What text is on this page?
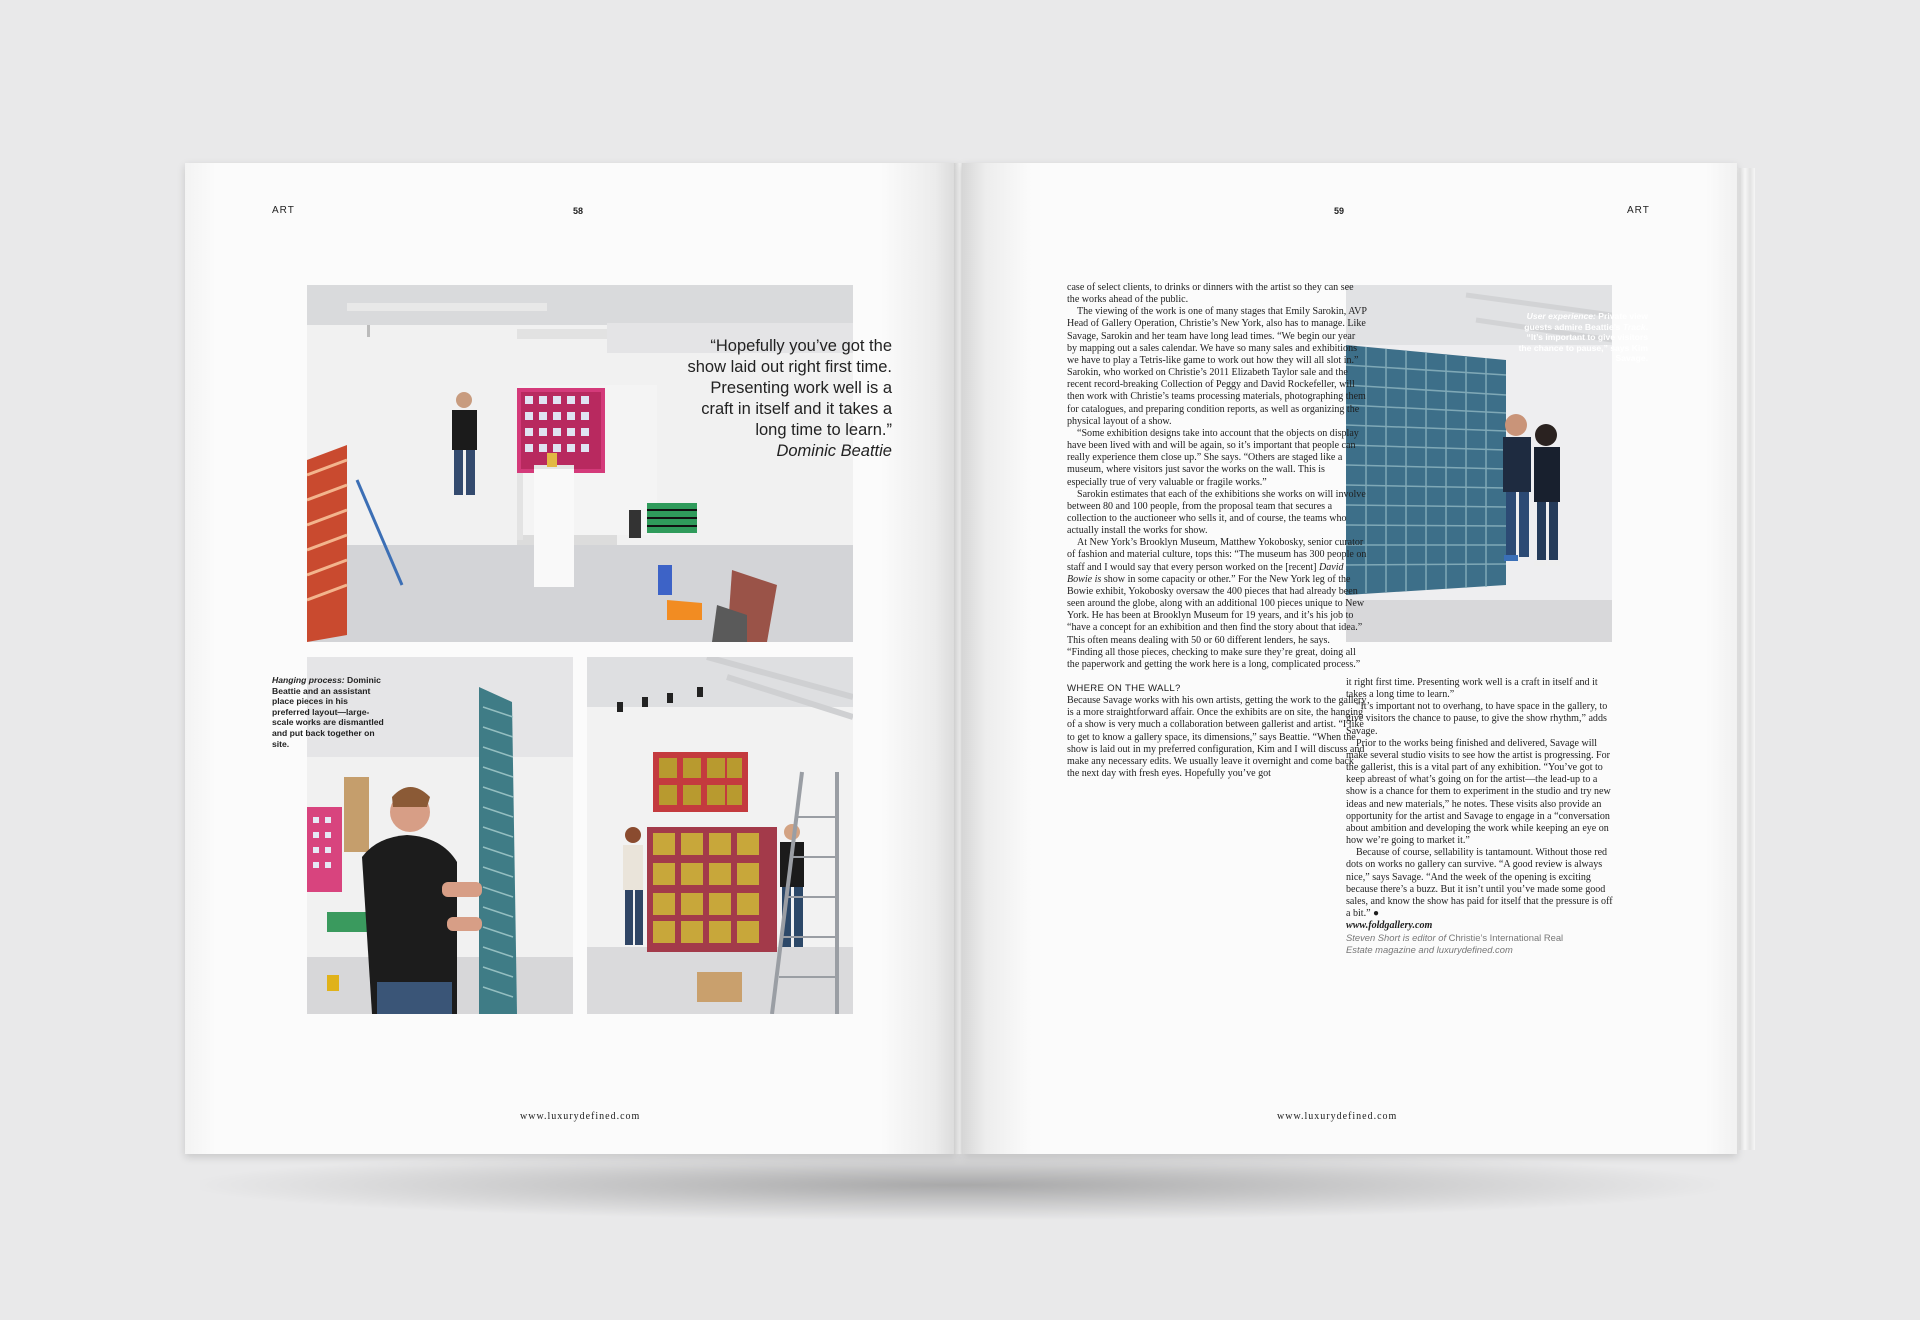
ART	58
“Hopefully you’ve got the show laid out right first time. Presenting work well is a craft in itself and it takes a long time to learn.”
Dominic Beattie
Hanging process: Dominic Beattie and an assistant place pieces in his preferred layout—large-scale works are dismantled and put back together on site.
www.luxurydefined.com
59	ART
User experience: Private view guests admire Beattie’s Track. “It’s important to give visitors the chance to pause,” says Kim Savage.

case of select clients, to drinks or dinners with the artist so they can see the works ahead of the public.

The viewing of the work is one of many stages that Emily Sarokin, AVP Head of Gallery Operation, Christie’s New York, also has to manage. Like Savage, Sarokin and her team have long lead times. “We begin our year by mapping out a sales calendar. We have so many sales and exhibitions we have to play a Tetris-like game to work out how they will all slot in.” Sarokin, who worked on Christie’s 2011 Elizabeth Taylor sale and the recent record-breaking Collection of Peggy and David Rockefeller, will then work with Christie’s teams processing materials, photographing them for catalogues, and preparing condition reports, as well as organizing the physical layout of a show.

“Some exhibition designs take into account that the objects on display have been lived with and will be again, so it’s important that people can really experience them close up.” She says. “Others are staged like a museum, where visitors just savor the works on the wall. This is especially true of very valuable or fragile works.”

Sarokin estimates that each of the exhibitions she works on will involve between 80 and 100 people, from the proposal team that secures a collection to the auctioneer who sells it, and of course, the teams who actually install the works for show.

At New York’s Brooklyn Museum, Matthew Yokobosky, senior curator of fashion and material culture, tops this: “The museum has 300 people on staff and I would say that every person worked on the [recent] David Bowie is show in some capacity or other.” For the New York leg of the Bowie exhibit, Yokobosky oversaw the 400 pieces that had already been seen around the globe, along with an additional 100 pieces unique to New York. He has been at Brooklyn Museum for 19 years, and it’s his job to “have a concept for an exhibition and then find the story about that idea.” This often means dealing with 50 or 60 different lenders, he says. “Finding all those pieces, checking to make sure they’re great, doing all the paperwork and getting the work here is a long, complicated process.”

WHERE ON THE WALL?

Because Savage works with his own artists, getting the work to the gallery is a more straightforward affair. Once the exhibits are on site, the hanging of a show is very much a collaboration between gallerist and artist. “I like to get to know a gallery space, its dimensions,” says Beattie. “When the show is laid out in my preferred configuration, Kim and I will discuss and make any necessary edits. We usually leave it overnight and come back the next day with fresh eyes. Hopefully you’ve got

it right first time. Presenting work well is a craft in itself and it takes a long time to learn.”

“It’s important not to overhang, to have space in the gallery, to give visitors the chance to pause, to give the show rhythm,” adds Savage.

Prior to the works being finished and delivered, Savage will make several studio visits to see how the artist is progressing. For the gallerist, this is a vital part of any exhibition. “You’ve got to keep abreast of what’s going on for the artist—the lead-up to a show is a chance for them to experiment in the studio and try new ideas and new materials,” he notes. These visits also provide an opportunity for the artist and Savage to engage in a “conversation about ambition and developing the work while keeping an eye on how we’re going to market it.”

Because of course, sellability is tantamount. Without those red dots on works no gallery can survive. “A good review is always nice,” says Savage. “And the week of the opening is exciting because there’s a buzz. But it isn’t until you’ve made some good sales, and know the show has paid for itself that the pressure is off a bit.” ●

www.foldgallery.com

Steven Short is editor of Christie’s International Real
Estate magazine and luxurydefined.com

www.luxurydefined.com
